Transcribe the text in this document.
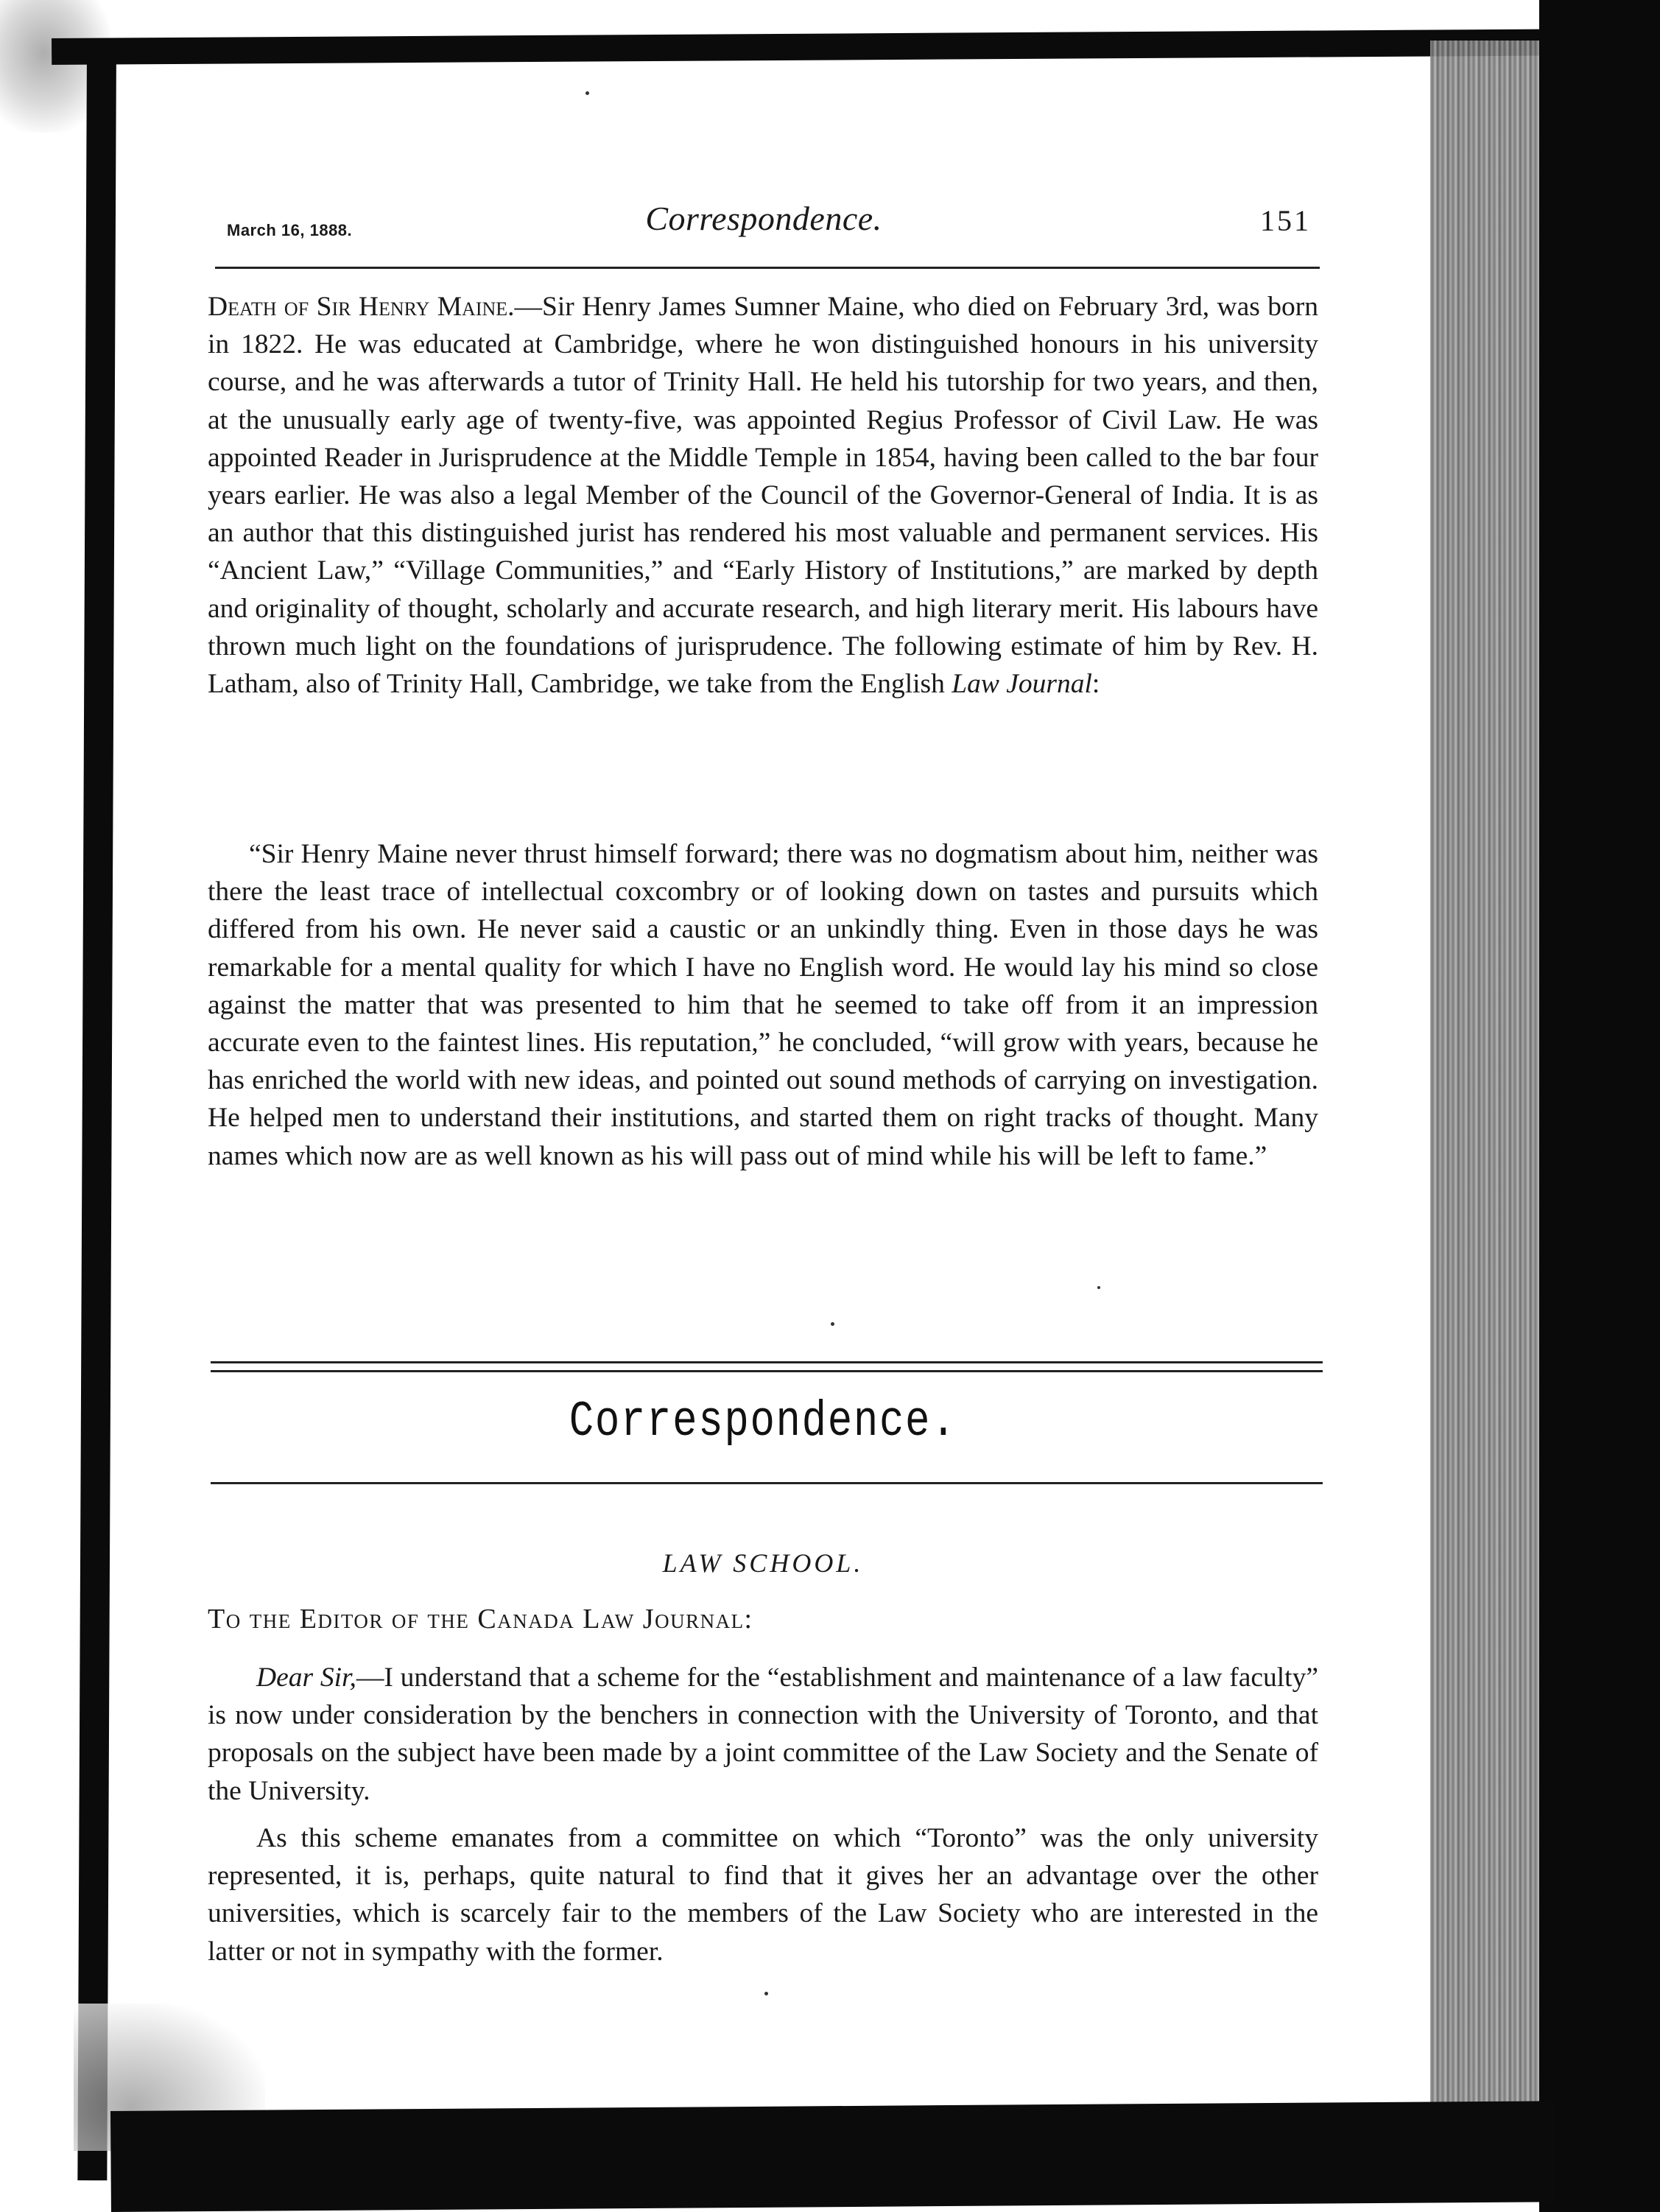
March 16, 1888.	Correspondence.	151

Death of Sir Henry Maine.—Sir Henry James Sumner Maine, who died on February 3rd, was born in 1822. He was educated at Cambridge, where he won distinguished honours in his university course, and he was afterwards a tutor of Trinity Hall. He held his tutorship for two years, and then, at the unusually early age of twenty-five, was appointed Regius Professor of Civil Law. He was appointed Reader in Jurisprudence at the Middle Temple in 1854, having been called to the bar four years earlier. He was also a legal Member of the Council of the Governor-General of India. It is as an author that this distinguished jurist has rendered his most valuable and permanent services. His “Ancient Law,” “Village Communities,” and “Early History of Institutions,” are marked by depth and originality of thought, scholarly and accurate research, and high literary merit. His labours have thrown much light on the foundations of jurisprudence. The following estimate of him by Rev. H. Latham, also of Trinity Hall, Cambridge, we take from the English Law Journal:

“Sir Henry Maine never thrust himself forward; there was no dogmatism about him, neither was there the least trace of intellectual coxcombry or of looking down on tastes and pursuits which differed from his own. He never said a caustic or an unkindly thing. Even in those days he was remarkable for a mental quality for which I have no English word. He would lay his mind so close against the matter that was presented to him that he seemed to take off from it an impression accurate even to the faintest lines. His reputation,” he concluded, “will grow with years, because he has enriched the world with new ideas, and pointed out sound methods of carrying on investigation. He helped men to understand their institutions, and started them on right tracks of thought. Many names which now are as well known as his will pass out of mind while his will be left to fame.”

Correspondence.
LAW SCHOOL.
To the Editor of the Canada Law Journal:

Dear Sir,—I understand that a scheme for the “establishment and maintenance of a law faculty” is now under consideration by the benchers in connection with the University of Toronto, and that proposals on the subject have been made by a joint committee of the Law Society and the Senate of the University.

As this scheme emanates from a committee on which “Toronto” was the only university represented, it is, perhaps, quite natural to find that it gives her an advantage over the other universities, which is scarcely fair to the members of the Law Society who are interested in the latter or not in sympathy with the former.
